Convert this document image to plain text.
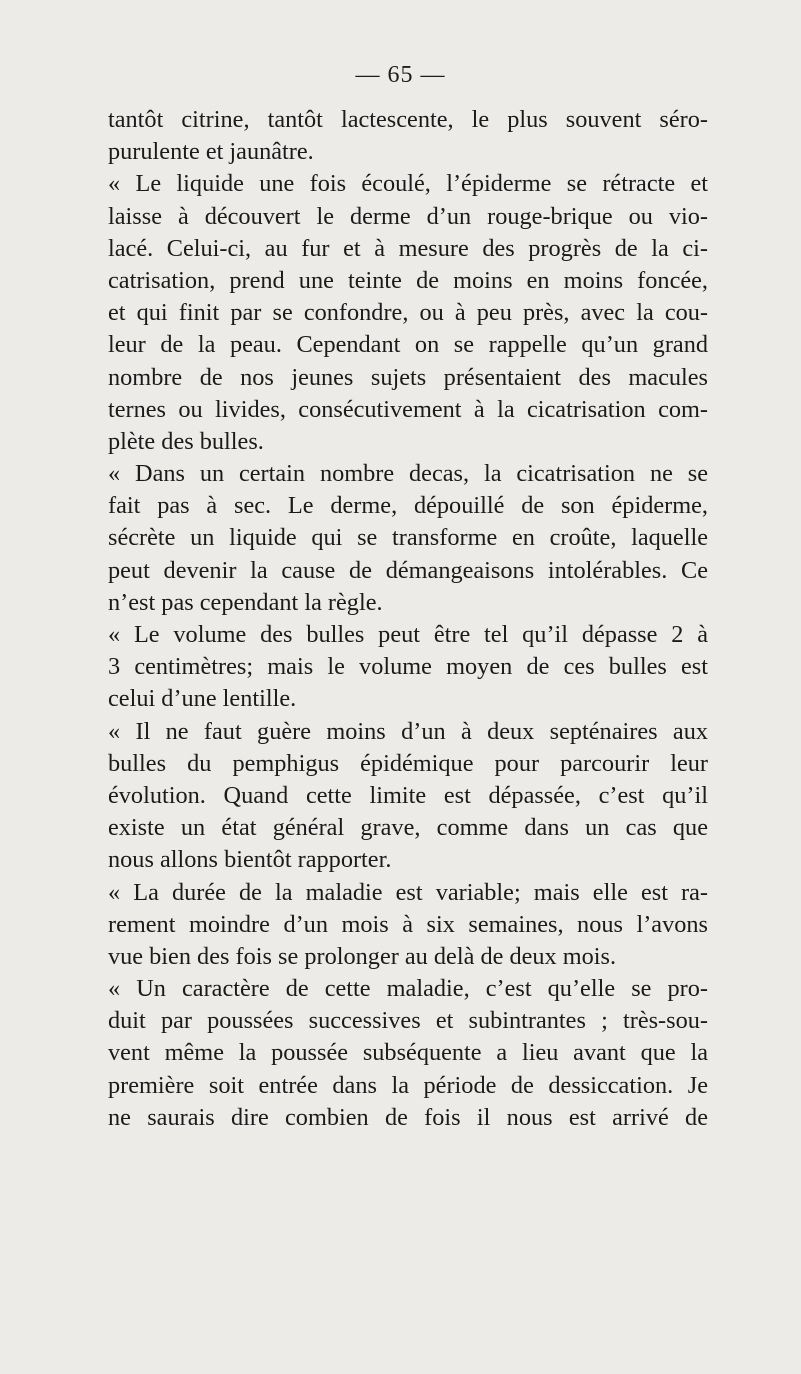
— 65 —
tantôt citrine, tantôt lactescente, le plus souvent séro-
purulente et jaunâtre.
« Le liquide une fois écoulé, l’épiderme se rétracte et
laisse à découvert le derme d’un rouge-brique ou vio-
lacé. Celui-ci, au fur et à mesure des progrès de la ci-
catrisation, prend une teinte de moins en moins foncée,
et qui finit par se confondre, ou à peu près, avec la cou-
leur de la peau. Cependant on se rappelle qu’un grand
nombre de nos jeunes sujets présentaient des macules
ternes ou livides, consécutivement à la cicatrisation com-
plète des bulles.
« Dans un certain nombre decas, la cicatrisation ne se
fait pas à sec. Le derme, dépouillé de son épiderme,
sécrète un liquide qui se transforme en croûte, laquelle
peut devenir la cause de démangeaisons intolérables. Ce
n’est pas cependant la règle.
« Le volume des bulles peut être tel qu’il dépasse 2 à
3 centimètres; mais le volume moyen de ces bulles est
celui d’une lentille.
« Il ne faut guère moins d’un à deux septénaires aux
bulles du pemphigus épidémique pour parcourir leur
évolution. Quand cette limite est dépassée, c’est qu’il
existe un état général grave, comme dans un cas que
nous allons bientôt rapporter.
« La durée de la maladie est variable; mais elle est ra-
rement moindre d’un mois à six semaines, nous l’avons
vue bien des fois se prolonger au delà de deux mois.
« Un caractère de cette maladie, c’est qu’elle se pro-
duit par poussées successives et subintrantes ; très-sou-
vent même la poussée subséquente a lieu avant que la
première soit entrée dans la période de dessiccation. Je
ne saurais dire combien de fois il nous est arrivé de
